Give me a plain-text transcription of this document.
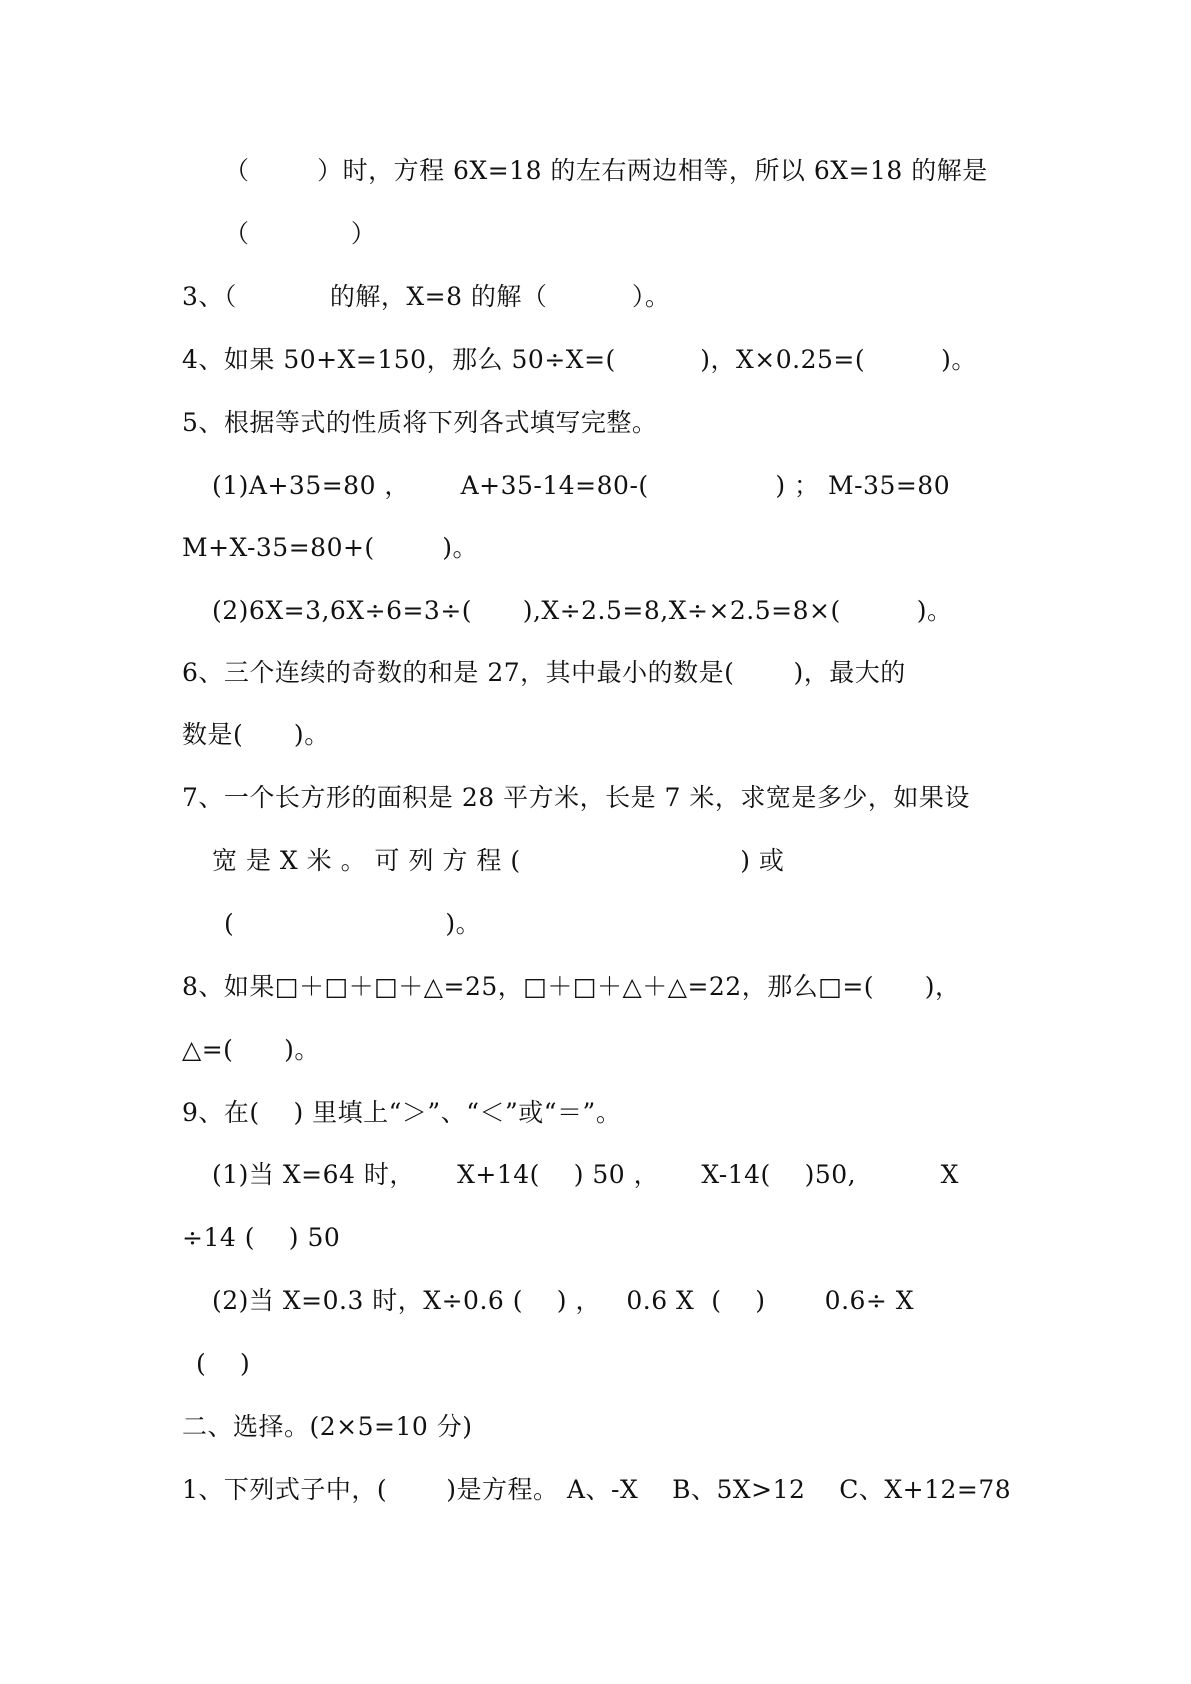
（        ）时，方程 6X=18 的左右两边相等，所以 6X=18 的解是
（            ）
3、（           的解，X=8 的解（          ）。
4、如果 50+X=150，那么 50÷X=(          )，X×0.25=(         )。
5、根据等式的性质将下列各式填写完整。
(1)A+35=80 ，      A+35-14=80-(               ) ； M-35=80
M+X-35=80+(        )。
(2)6X=3,6X÷6=3÷(      ),X÷2.5=8,X÷×2.5=8×(         )。
6、三个连续的奇数的和是 27，其中最小的数是(       )，最大的
数是(      )。
7、一个长方形的面积是 28 平方米，长是 7 米，求宽是多少，如果设
宽 是 X 米 。 可 列 方 程 (                          ) 或
(                         )。
8、如果□＋□＋□＋△=25，□＋□＋△＋△=22，那么□=(      )，
△=(      )。
9、在(    ) 里填上“＞”、“＜”或“＝”。
(1)当 X=64 时，     X+14(    ) 50 ，     X-14(    )50,          X
÷14 (    ) 50
(2)当 X=0.3 时，X÷0.6 (    ) ，   0.6 X  (    )       0.6÷ X
(    )
二、选择。(2×5=10 分)
1、下列式子中，(       )是方程。 A、-X    B、5X>12    C、X+12=78
